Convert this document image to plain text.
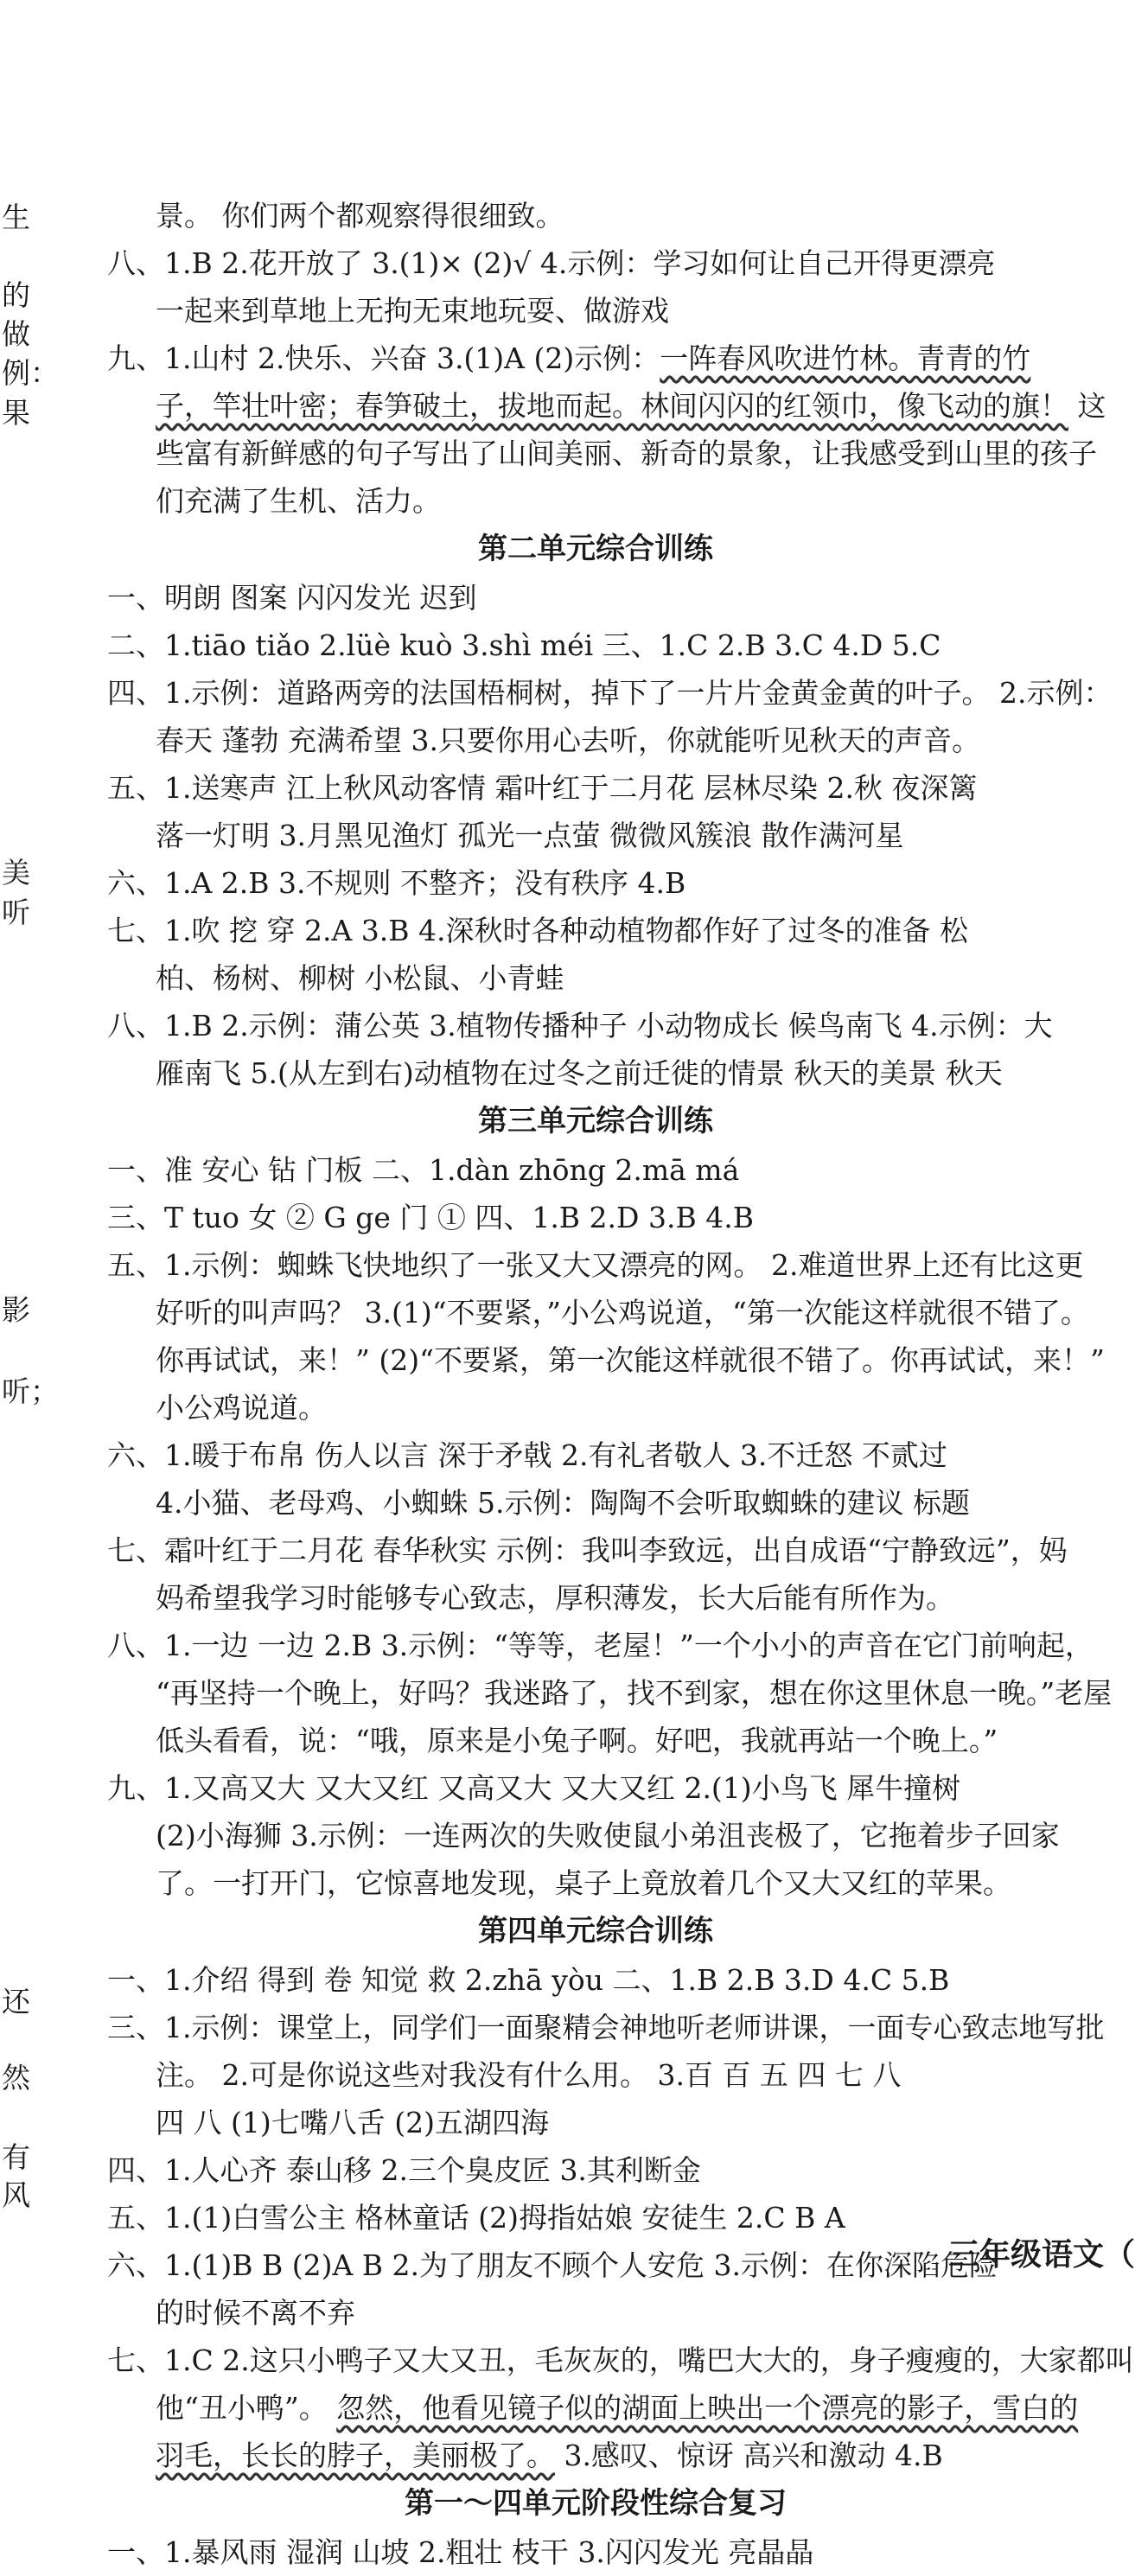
生
的
做
例：
果
美
听
影
听；
还
然
有
风
景。 你们两个都观察得很细致。
八、1.B 2.花开放了 3.(1)× (2)√ 4.示例：学习如何让自己开得更漂亮
一起来到草地上无拘无束地玩耍、做游戏
九、1.山村 2.快乐、兴奋 3.(1)A (2)示例：一阵春风吹进竹林。青青的竹
子，竿壮叶密；春笋破土，拔地而起。林间闪闪的红领巾，像飞动的旗！ 这
些富有新鲜感的句子写出了山间美丽、新奇的景象，让我感受到山里的孩子
们充满了生机、活力。
第二单元综合训练
一、明朗 图案 闪闪发光 迟到
二、1.tiāo tiǎo 2.lüè kuò 3.shì méi 三、1.C 2.B 3.C 4.D 5.C
四、1.示例：道路两旁的法国梧桐树，掉下了一片片金黄金黄的叶子。 2.示例：
春天 蓬勃 充满希望 3.只要你用心去听，你就能听见秋天的声音。
五、1.送寒声 江上秋风动客情 霜叶红于二月花 层林尽染 2.秋 夜深篱
落一灯明 3.月黑见渔灯 孤光一点萤 微微风簇浪 散作满河星
六、1.A 2.B 3.不规则 不整齐；没有秩序 4.B
七、1.吹 挖 穿 2.A 3.B 4.深秋时各种动植物都作好了过冬的准备 松
柏、杨树、柳树 小松鼠、小青蛙
八、1.B 2.示例：蒲公英 3.植物传播种子 小动物成长 候鸟南飞 4.示例：大
雁南飞 5.(从左到右)动植物在过冬之前迁徙的情景 秋天的美景 秋天
第三单元综合训练
一、准 安心 钻 门板 二、1.dàn zhōng 2.mā má
三、T tuo 女 ② G ge 门 ① 四、1.B 2.D 3.B 4.B
五、1.示例：蜘蛛飞快地织了一张又大又漂亮的网。 2.难道世界上还有比这更
好听的叫声吗？ 3.(1)“不要紧，”小公鸡说道，“第一次能这样就很不错了。
你再试试，来！” (2)“不要紧，第一次能这样就很不错了。你再试试，来！”
小公鸡说道。
六、1.暖于布帛 伤人以言 深于矛戟 2.有礼者敬人 3.不迁怒 不贰过
4.小猫、老母鸡、小蜘蛛 5.示例：陶陶不会听取蜘蛛的建议 标题
七、霜叶红于二月花 春华秋实 示例：我叫李致远，出自成语“宁静致远”，妈
妈希望我学习时能够专心致志，厚积薄发，长大后能有所作为。
八、1.一边 一边 2.B 3.示例：“等等，老屋！”一个小小的声音在它门前响起，
“再坚持一个晚上，好吗？我迷路了，找不到家，想在你这里休息一晚。”老屋
低头看看，说：“哦，原来是小兔子啊。好吧，我就再站一个晚上。”
九、1.又高又大 又大又红 又高又大 又大又红 2.(1)小鸟飞 犀牛撞树
(2)小海狮 3.示例：一连两次的失败使鼠小弟沮丧极了，它拖着步子回家
了。一打开门，它惊喜地发现，桌子上竟放着几个又大又红的苹果。
第四单元综合训练
一、1.介绍 得到 卷 知觉 救 2.zhā yòu 二、1.B 2.B 3.D 4.C 5.B
三、1.示例：课堂上，同学们一面聚精会神地听老师讲课，一面专心致志地写批
注。 2.可是你说这些对我没有什么用。 3.百 百 五 四 七 八
四 八 (1)七嘴八舌 (2)五湖四海
四、1.人心齐 泰山移 2.三个臭皮匠 3.其利断金
五、1.(1)白雪公主 格林童话 (2)拇指姑娘 安徒生 2.C B A
六、1.(1)B B (2)A B 2.为了朋友不顾个人安危 3.示例：在你深陷危险
的时候不离不弃
七、1.C 2.这只小鸭子又大又丑，毛灰灰的，嘴巴大大的，身子瘦瘦的，大家都叫
他“丑小鸭”。 忽然，他看见镜子似的湖面上映出一个漂亮的影子，雪白的
羽毛，长长的脖子，美丽极了。 3.感叹、惊讶 高兴和激动 4.B
第一～四单元阶段性综合复习
一、1.暴风雨 湿润 山坡 2.粗壮 枝干 3.闪闪发光 亮晶晶
三年级语文（
